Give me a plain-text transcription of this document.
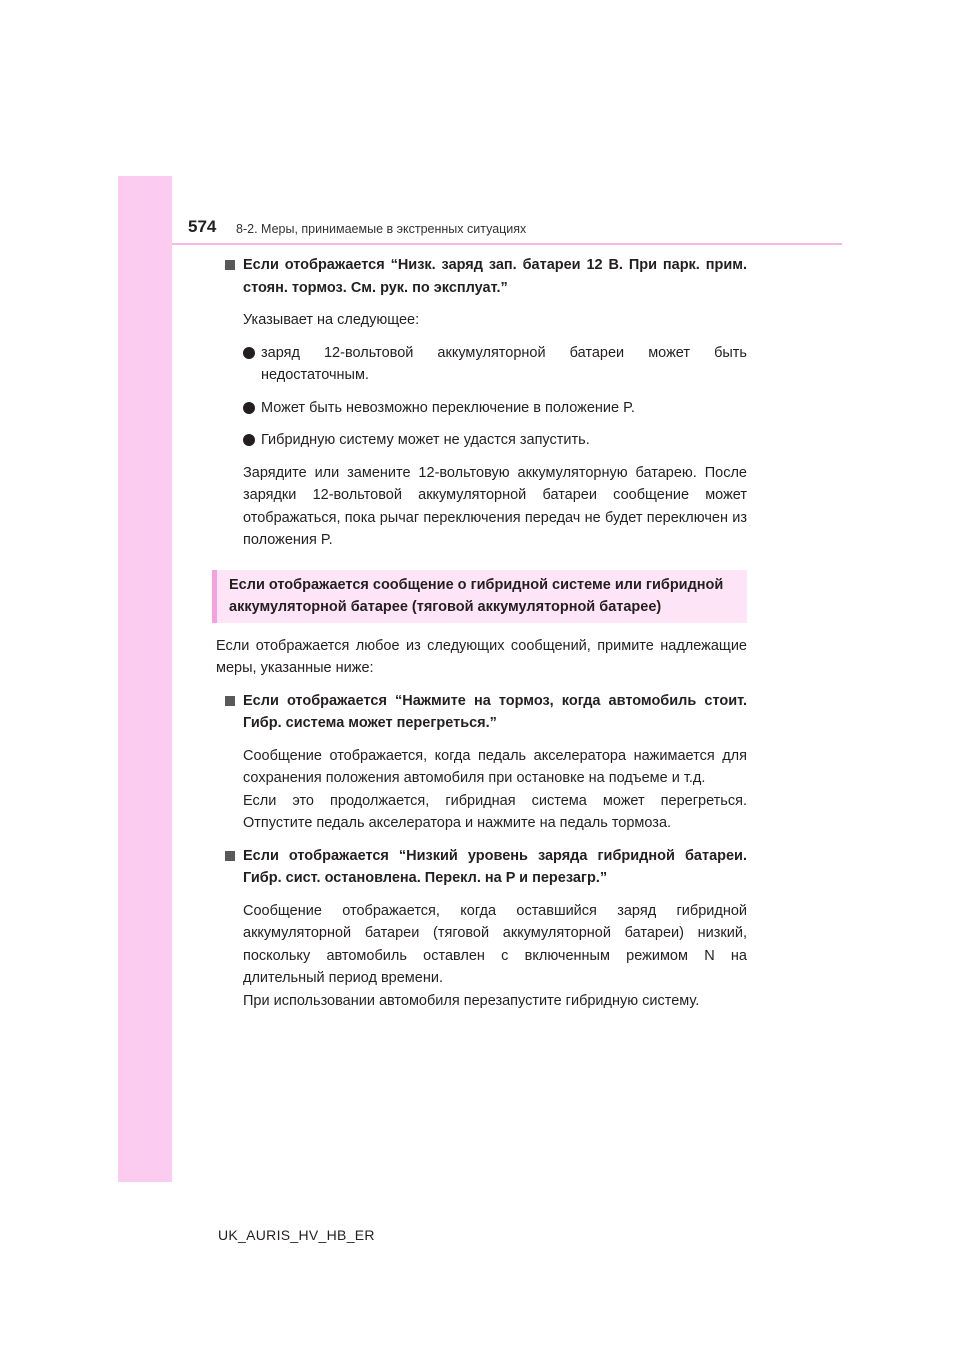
574 8-2. Меры, принимаемые в экстренных ситуациях

Если отображается “Низк. заряд зап. батареи 12 В. При парк. прим. стоян. тормоз. См. рук. по эксплуат.”

Указывает на следующее:

заряд 12-вольтовой аккумуляторной батареи может быть недостаточным.
Может быть невозможно переключение в положение P.
Гибридную систему может не удастся запустить.

Зарядите или замените 12-вольтовую аккумуляторную батарею. После зарядки 12-вольтовой аккумуляторной батареи сообщение может отображаться, пока рычаг переключения передач не будет переключен из положения P.

Если отображается сообщение о гибридной системе или гибридной аккумуляторной батарее (тяговой аккумуляторной батарее)

Если отображается любое из следующих сообщений, примите надлежащие меры, указанные ниже:

Если отображается “Нажмите на тормоз, когда автомобиль стоит. Гибр. система может перегреться.”

Сообщение отображается, когда педаль акселератора нажимается для сохранения положения автомобиля при остановке на подъеме и т.д.

Если это продолжается, гибридная система может перегреться. Отпустите педаль акселератора и нажмите на педаль тормоза.

Если отображается “Низкий уровень заряда гибридной батареи. Гибр. сист. остановлена. Перекл. на P и перезагр.”

Сообщение отображается, когда оставшийся заряд гибридной аккумуляторной батареи (тяговой аккумуляторной батареи) низкий, поскольку автомобиль оставлен с включенным режимом N на длительный период времени.

При использовании автомобиля перезапустите гибридную систему.

UK_AURIS_HV_HB_ER
